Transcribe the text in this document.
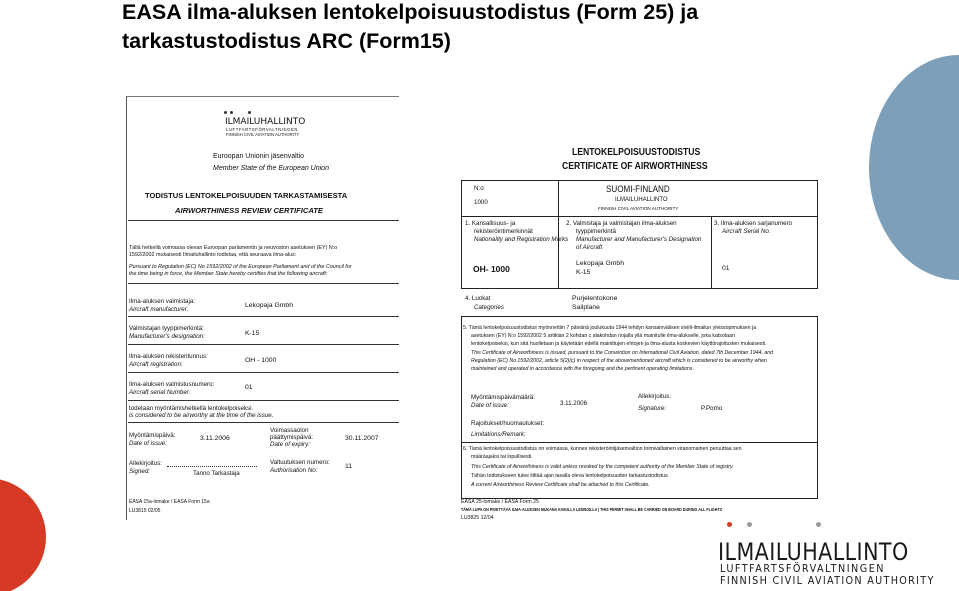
EASA ilma-aluksen lentokelpoisuustodistus (Form 25) ja
tarkastustodistus ARC (Form15)
ILMAILUHALLINTO
LUFTFARTSFÖRVALTNINGEN
FINNISH CIVIL AVIATION AUTHORITY
Euroopan Unionin jäsenvaltio
Member State of the European Union
TODISTUS LENTOKELPOISUUDEN TARKASTAMISESTA
AIRWORTHINESS REVIEW CERTIFICATE
Tällä hetkellä voimassa olevan Euroopan parlamentin ja neuvoston asetuksen (EY) N:o
1592/2002 mukaisesti Ilmailuhallinto todistaa, että seuraava ilma-alus:
Pursuant to Regulation (EC) No 1592/2002 of the European Parliament and of the Council for
the time being in force, the Member State hereby certifies that the following aircraft:
Ilma-aluksen valmistaja:
Aircraft manufacturer:
Lekopaja Gmbh
Valmistajan tyyppimerkintä:
Manufacturer's designation:	K-15
Ilma-aluksen rekisteritunnus:
Aircraft registration:
OH - 1000
Ilma-aluksen valmistusnumero:
Aircraft serial Number:
01
todetaan myöntämishetkellä lentokelpoiseksi.
is considered to be airworthy at the time of the issue.
Myöntämispäivä:
Date of issue:
3.11.2006
Voimassaolon
päättymispäivä:
Date of expiry:
30.11.2007
Allekirjoitus:
Signed:	Tanno Tarkastaja
Valtuutuksen numero:
Authorisation No:
11
EASA 15a-lomake / EASA Form 15a
LU3815 02/05
LENTOKELPOISUUSTODISTUS
CERTIFICATE OF AIRWORTHINESS
N:o
1000
SUOMI-FINLAND
ILMAILUHALLINTO
FINNISH CIVIL AVIATION AUTHORITY
1. Kansallisuus- ja
rekisteröintimerkinnät
Nationality and Registration Marks
OH- 1000
2. Valmistaja ja valmistajan ilma-aluksen
tyyppimerkintä
Manufacturer and Manufacturer's Designation
of Aircraft
Lekopaja Gmbh
K-15
3. Ilma-aluksen sarjanumero
Aircraft Serial No.
01
4. Luokat
Categories
Purjelentokone
Sailplane
5. Tämä lentokelpoisuustodistus myönnettiin 7 päivänä joulukuuta 1944 tehdyn kansainvälisen siviili-ilmailun yleissopimuksen ja
asetuksen (EY) N:o 1592/2002 5 artiklan 2 kohdan c alakohdan nojalla yllä mainitulle ilma-alukselle, joka katsotaan
lentokelpoiseksi, kun sitä huolletaan ja käytetään edellä mainittujen ehtojen ja ilma-alusta koskevien käyttörajoitusten mukaisesti.
This Certificate of Airworthiness is issued, pursuant to the Convention on International Civil Aviation, dated 7th December 1944, and
Regulation (EC) No 1592/2002, article 5(2)(c) in respect of the abovementioned aircraft which is considered to be airworthy when
maintained and operated in accordance with the foregoing and the pertinent operating limitations.
Myöntämispäivämäärä:
Date of issue:	3.11.2006
Allekirjoitus:
Signature:	P.Pomo
Rajoitukset/huomautukset:
Limitations/Remark:
6. Tämä lentokelpoisuustodistus on voimassa, kunnes rekisteröintijäsenvaltion toimivaltainen viranomainen peruuttaa sen
määräajaksi tai lopullisesti.
This Certificate of Airworthiness is valid unless revoked by the competent authority of the Member State of registry.
Tähän todistukseen tulee liittää ajan tasalla oleva lentokelpoisuuden tarkastustodistus.
A current Airworthiness Review Certificate shall be attached to this Certificate.
EASA 25-lomake / EASA Form 25
TÄMÄ LUPA ON PIDETTÄVÄ ILMA-ALUKSEN MUKANA KAIKILLA LENNOILLA | THIS PERMIT SHALL BE CARRIED ON BOARD DURING ALL FLIGHTS
LU3825 12/04
ILMAILUHALLINTO
LUFTFARTSFÖRVALTNINGEN
FINNISH CIVIL AVIATION AUTHORITY
